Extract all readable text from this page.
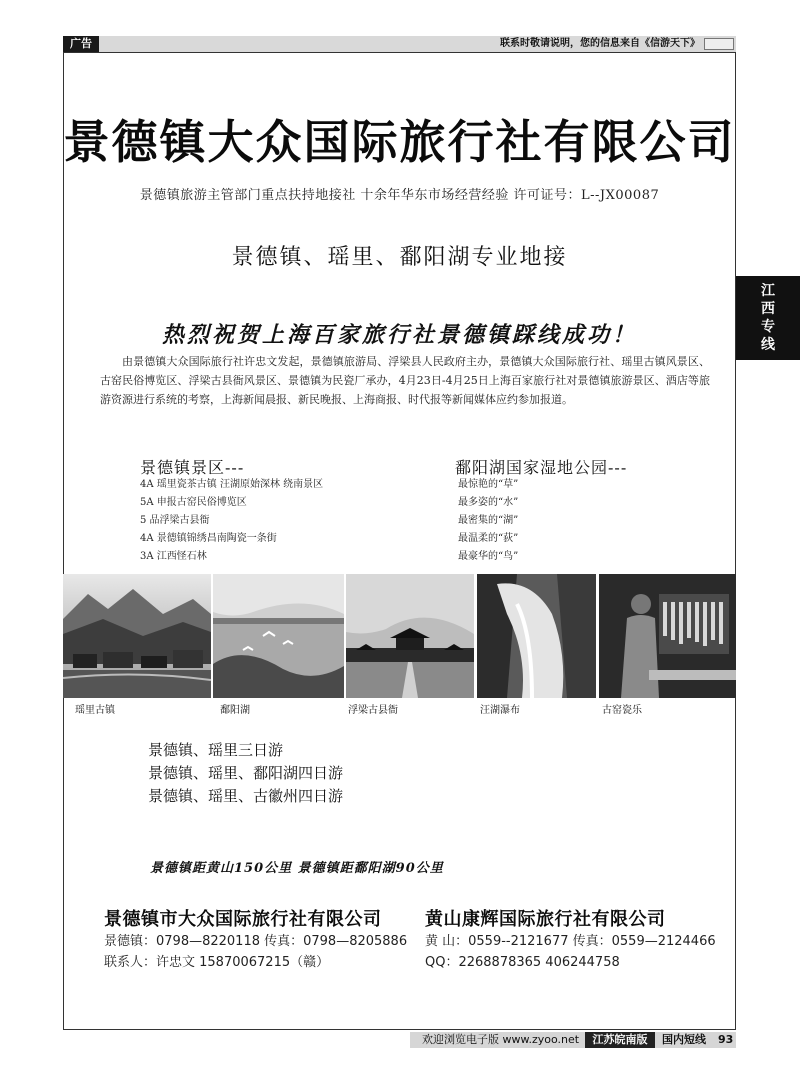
广告	联系时敬请说明，您的信息来自《信游天下》
江西专线
景德镇大众国际旅行社有限公司
景德镇旅游主管部门重点扶持地接社 十余年华东市场经营经验 许可证号：L--JX00087
景德镇、瑶里、鄱阳湖专业地接
热烈祝贺上海百家旅行社景德镇踩线成功！
由景德镇大众国际旅行社许忠文发起，景德镇旅游局、浮梁县人民政府主办，景德镇大众国际旅行社、瑶里古镇风景区、古窑民俗博览区、浮梁古县衙风景区、景德镇为民瓷厂承办，4月23日-4月25日上海百家旅行社对景德镇旅游景区、酒店等旅游资源进行系统的考察，上海新闻晨报、新民晚报、上海商报、时代报等新闻媒体应约参加报道。
景德镇景区---
4A 瑶里瓷茶古镇 汪湖原始深林 绕南景区
5A 申报古窑民俗博览区
5 品浮梁古县衙
4A 景德镇锦绣昌南陶瓷一条街
3A 江西怪石林
鄱阳湖国家湿地公园---
最惊艳的“草”
最多姿的“水”
最密集的“湖”
最温柔的“荻”
最豪华的“鸟”
瑶里古镇	鄱阳湖	浮梁古县衙	汪湖瀑布	古窑瓷乐
景德镇、瑶里三日游
景德镇、瑶里、鄱阳湖四日游
景德镇、瑶里、古徽州四日游
景德镇距黄山150公里 景德镇距鄱阳湖90公里
景德镇市大众国际旅行社有限公司
景德镇：0798—8220118 传真：0798—8205886
联系人：许忠文 15870067215（赣）
黄山康辉国际旅行社有限公司
黄 山：0559--2121677 传真：0559—2124466
QQ：2268878365 406244758
欢迎浏览电子版 www.zyoo.net	江苏皖南版	国内短线 93
